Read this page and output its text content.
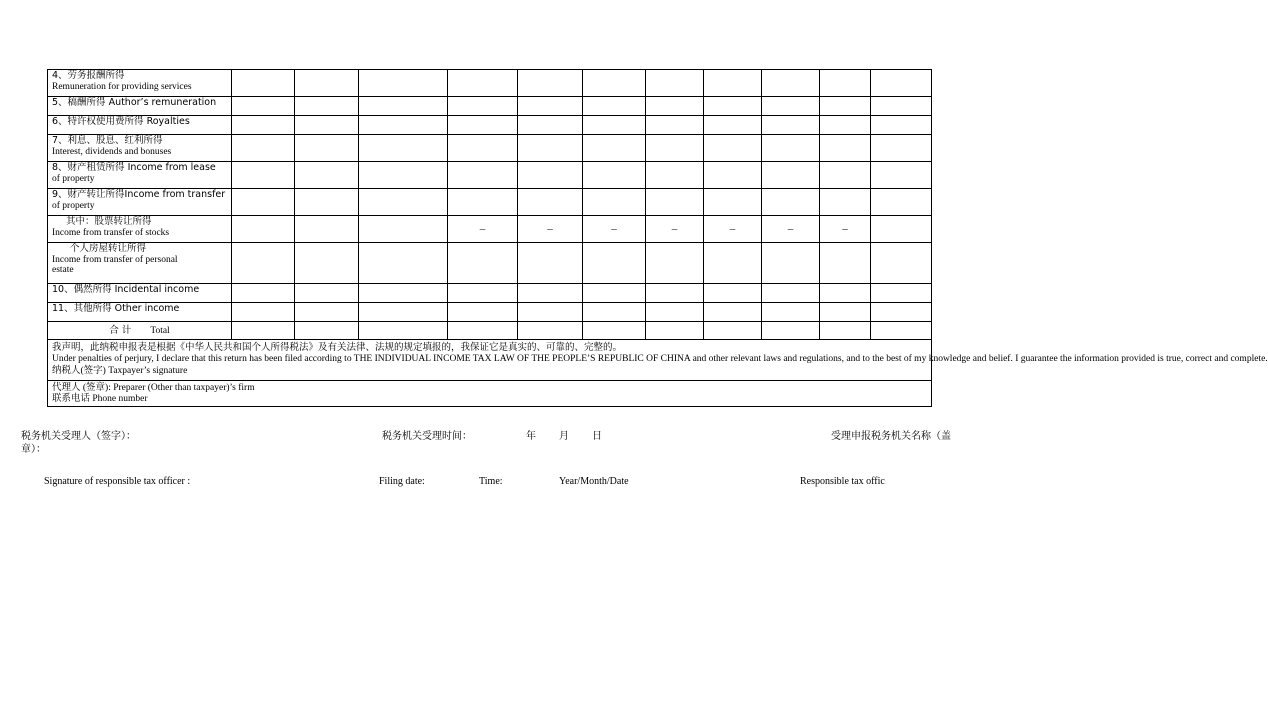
4、劳务报酬所得
Remuneration for providing services											

5、稿酬所得 Author’s remuneration											

6、特许权使用费所得 Royalties											

7、利息、股息、红利所得
Interest, dividends and bonuses											

8、财产租赁所得 Income from lease
of property											

9、财产转让所得Income from transfer
of property											

其中：股票转让所得
Income from transfer of stocks				–	–	–	–	–	–	–	

个人房屋转让所得
Income from transfer of personal
estate											

10、偶然所得 Incidental income											

11、其他所得 Other income											

合 计 Total											

我声明，此纳税申报表是根据《中华人民共和国个人所得税法》及有关法律、法规的规定填报的，我保证它是真实的、可靠的、完整的。
Under penalties of perjury, I declare that this return has been filed according to THE INDIVIDUAL INCOME TAX LAW OF THE PEOPLE’S REPUBLIC OF CHINA and other relevant laws and regulations, and to the best of my knowledge and belief. I guarantee the information provided is true, correct and complete.
纳税人(签字) Taxpayer’s signature											

代理人 (签章): Preparer (Other than taxpayer)’s firm
联系电话 Phone number											
税务机关受理人（签字）：
章）：
税务机关受理时间：	年 月 日	受理申报税务机关名称（盖
Signature of responsible tax officer :	Filing date:	Time:	Year/Month/Date	Responsible tax offic
